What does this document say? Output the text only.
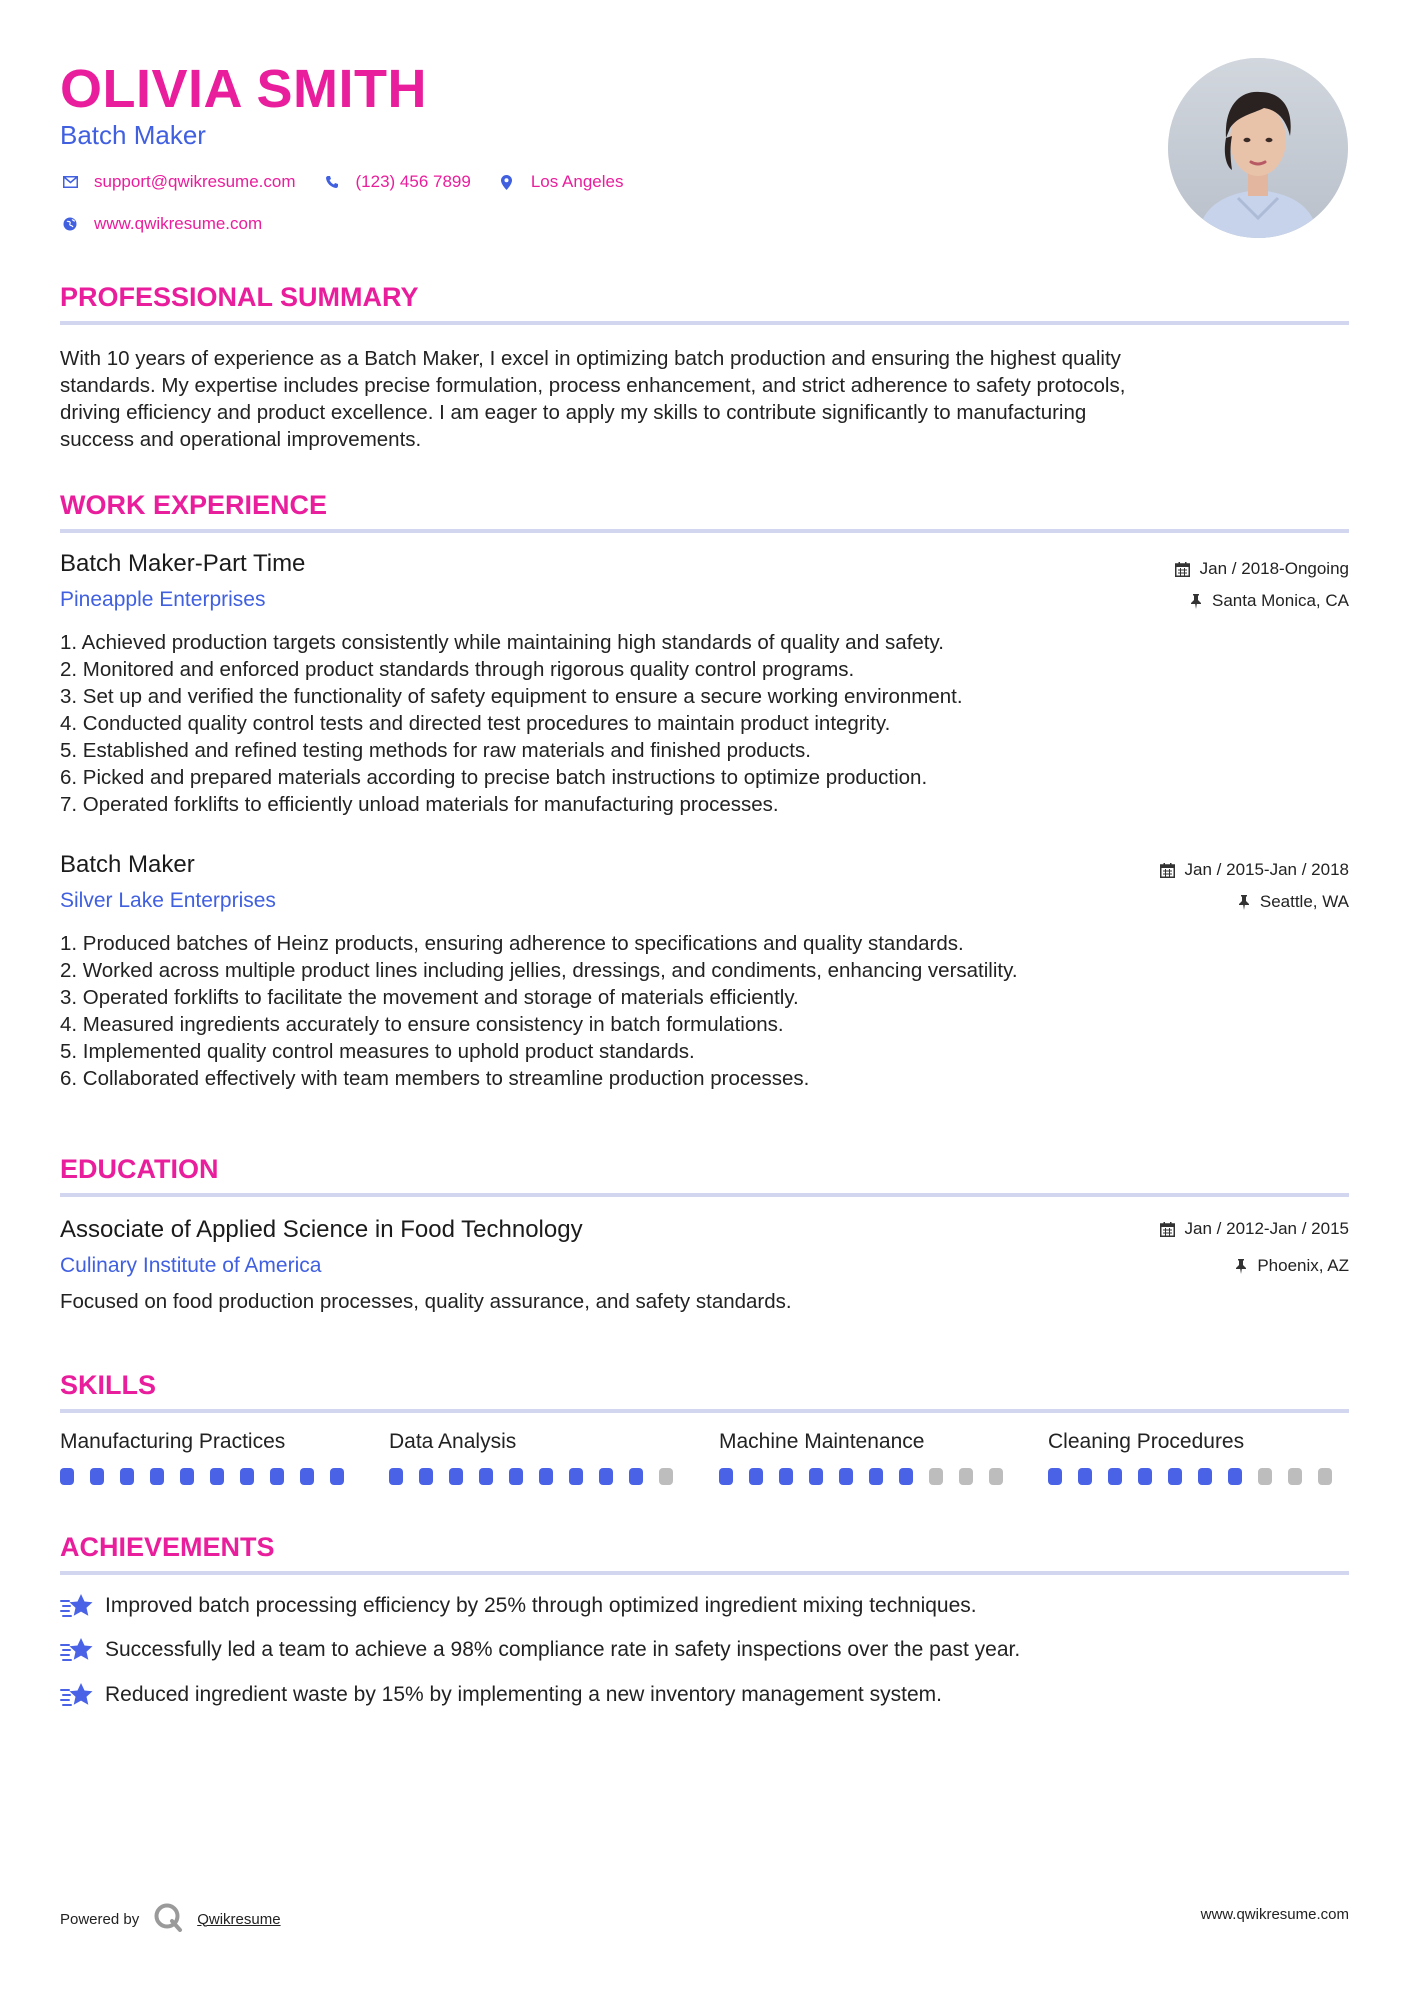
OLIVIA SMITH
Batch Maker
support@qwikresume.com	(123) 456 7899	Los Angeles
www.qwikresume.com
PROFESSIONAL SUMMARY

With 10 years of experience as a Batch Maker, I excel in optimizing batch production and ensuring the highest quality
standards. My expertise includes precise formulation, process enhancement, and strict adherence to safety protocols,
driving efficiency and product excellence. I am eager to apply my skills to contribute significantly to manufacturing
success and operational improvements.

WORK EXPERIENCE
Batch Maker-Part Time
Pineapple Enterprises
Jan / 2018-Ongoing
Santa Monica, CA
1. Achieved production targets consistently while maintaining high standards of quality and safety.
2. Monitored and enforced product standards through rigorous quality control programs.
3. Set up and verified the functionality of safety equipment to ensure a secure working environment.
4. Conducted quality control tests and directed test procedures to maintain product integrity.
5. Established and refined testing methods for raw materials and finished products.
6. Picked and prepared materials according to precise batch instructions to optimize production.
7. Operated forklifts to efficiently unload materials for manufacturing processes.
Batch Maker
Silver Lake Enterprises
Jan / 2015-Jan / 2018
Seattle, WA
1. Produced batches of Heinz products, ensuring adherence to specifications and quality standards.
2. Worked across multiple product lines including jellies, dressings, and condiments, enhancing versatility.
3. Operated forklifts to facilitate the movement and storage of materials efficiently.
4. Measured ingredients accurately to ensure consistency in batch formulations.
5. Implemented quality control measures to uphold product standards.
6. Collaborated effectively with team members to streamline production processes.
EDUCATION
Associate of Applied Science in Food Technology
Culinary Institute of America
Jan / 2012-Jan / 2015
Phoenix, AZ

Focused on food production processes, quality assurance, and safety standards.

SKILLS
Manufacturing Practices	Data Analysis	Machine Maintenance	Cleaning Procedures
ACHIEVEMENTS
Improved batch processing efficiency by 25% through optimized ingredient mixing techniques.
Successfully led a team to achieve a 98% compliance rate in safety inspections over the past year.
Reduced ingredient waste by 15% by implementing a new inventory management system.
Powered by	Qwikresume	www.qwikresume.com
